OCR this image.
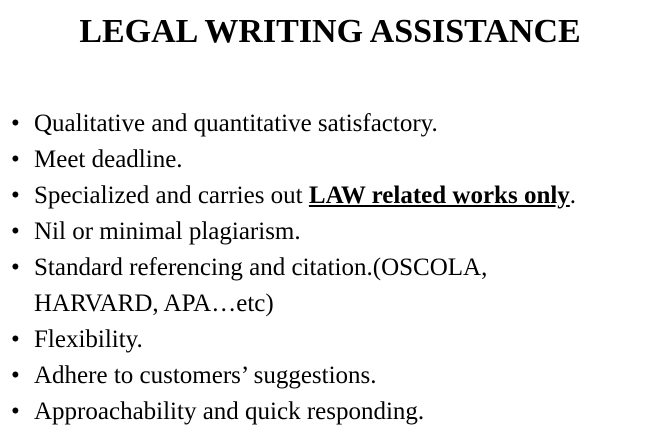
LEGAL WRITING ASSISTANCE
• Qualitative and quantitative satisfactory.
• Meet deadline.
• Specialized and carries out LAW related works only.
• Nil or minimal plagiarism.
• Standard referencing and citation.(OSCOLA,
HARVARD, APA…etc)
• Flexibility.
• Adhere to customers’ suggestions.
• Approachability and quick responding.
